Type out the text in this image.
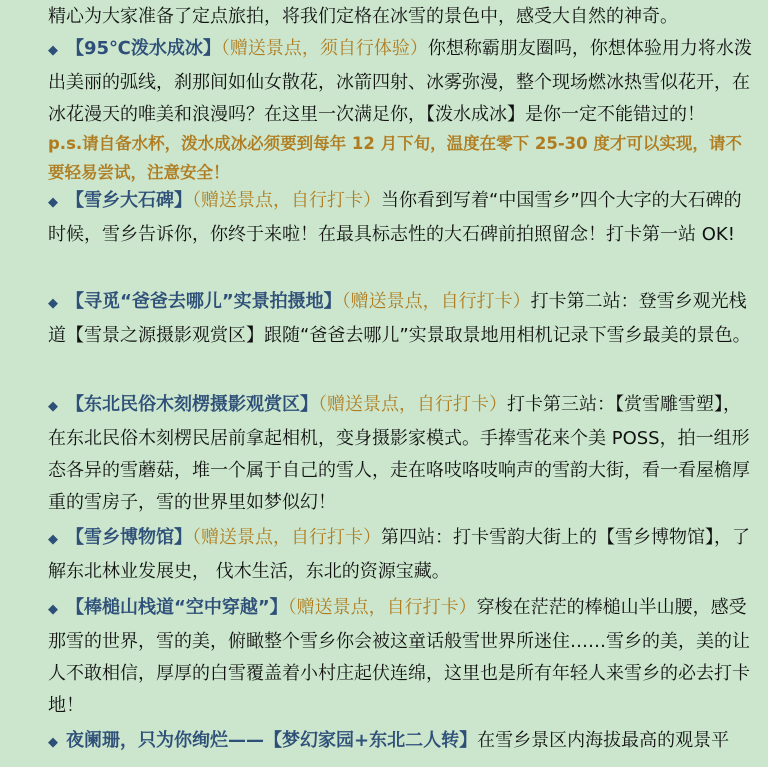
精心为大家准备了定点旅拍，将我们定格在冰雪的景色中，感受大自然的神奇。

◆ 【95℃泼水成冰】（赠送景点，须自行体验）你想称霸朋友圈吗，你想体验用力将水泼出美丽的弧线，刹那间如仙女散花，冰箭四射、冰雾弥漫，整个现场燃冰热雪似花开，在冰花漫天的唯美和浪漫吗？在这里一次满足你，【泼水成冰】是你一定不能错过的！

p.s.请自备水杯，泼水成冰必须要到每年 12 月下旬，温度在零下 25-30 度才可以实现，请不要轻易尝试，注意安全！

◆ 【雪乡大石碑】（赠送景点，自行打卡）当你看到写着“中国雪乡”四个大字的大石碑的时候，雪乡告诉你，你终于来啦！在最具标志性的大石碑前拍照留念！打卡第一站 OK!

◆ 【寻觅“爸爸去哪儿”实景拍摄地】（赠送景点，自行打卡）打卡第二站：登雪乡观光栈道【雪景之源摄影观赏区】跟随“爸爸去哪儿”实景取景地用相机记录下雪乡最美的景色。

◆ 【东北民俗木刻楞摄影观赏区】（赠送景点，自行打卡）打卡第三站：【赏雪雕雪塑】，在东北民俗木刻楞民居前拿起相机，变身摄影家模式。手捧雪花来个美 POSS，拍一组形态各异的雪蘑菇，堆一个属于自己的雪人，走在咯吱咯吱响声的雪韵大街，看一看屋檐厚重的雪房子，雪的世界里如梦似幻！

◆ 【雪乡博物馆】（赠送景点，自行打卡）第四站：打卡雪韵大街上的【雪乡博物馆】，了解东北林业发展史， 伐木生活，东北的资源宝藏。

◆ 【棒槌山栈道“空中穿越”】（赠送景点，自行打卡）穿梭在茫茫的棒槌山半山腰，感受那雪的世界，雪的美，俯瞰整个雪乡你会被这童话般雪世界所迷住……雪乡的美，美的让人不敢相信，厚厚的白雪覆盖着小村庄起伏连绵，这里也是所有年轻人来雪乡的必去打卡地！

◆ 夜阑珊，只为你绚烂——【梦幻家园+东北二人转】在雪乡景区内海拔最高的观景平
